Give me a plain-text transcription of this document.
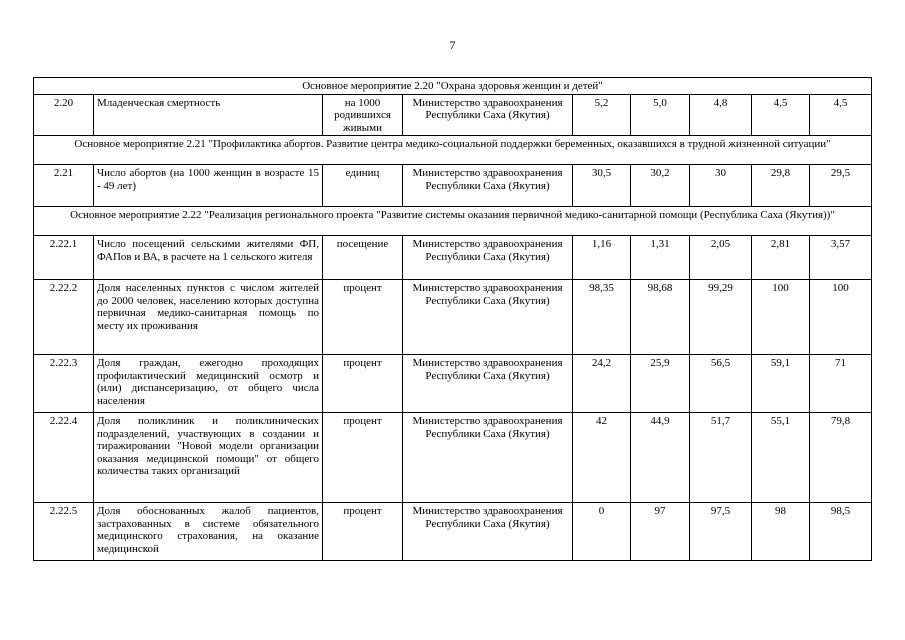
7
Основное мероприятие 2.20 "Охрана здоровья женщин и детей"								
2.20	Младенческая смертность	на 1000 родившихся живыми	Министерство здравоохранения Республики Саха (Якутия)	5,2	5,0	4,8	4,5	4,5
Основное мероприятие 2.21 "Профилактика абортов. Развитие центра медико-социальной поддержки беременных, оказавшихся в трудной жизненной ситуации"								
2.21	Число абортов (на 1000 женщин в возрасте 15 - 49 лет)	единиц	Министерство здравоохранения Республики Саха (Якутия)	30,5	30,2	30	29,8	29,5
Основное мероприятие 2.22 "Реализация регионального проекта "Развитие системы оказания первичной медико-санитарной помощи (Республика Саха (Якутия))"								
2.22.1	Число посещений сельскими жителями ФП, ФАПов и ВА, в расчете на 1 сельского жителя	посещение	Министерство здравоохранения Республики Саха (Якутия)	1,16	1,31	2,05	2,81	3,57
2.22.2	Доля населенных пунктов с числом жителей до 2000 человек, населению которых доступна первичная медико-санитарная помощь по месту их проживания	процент	Министерство здравоохранения Республики Саха (Якутия)	98,35	98,68	99,29	100	100
2.22.3	Доля граждан, ежегодно проходящих профилактический медицинский осмотр и (или) диспансеризацию, от общего числа населения	процент	Министерство здравоохранения Республики Саха (Якутия)	24,2	25,9	56,5	59,1	71
2.22.4	Доля поликлиник и поликлинических подразделений, участвующих в создании и тиражировании "Новой модели организации оказания медицинской помощи" от общего количества таких организаций	процент	Министерство здравоохранения Республики Саха (Якутия)	42	44,9	51,7	55,1	79,8
2.22.5	Доля обоснованных жалоб пациентов, застрахованных в системе обязательного медицинского страхования, на оказание медицинской	процент	Министерство здравоохранения Республики Саха (Якутия)	0	97	97,5	98	98,5
